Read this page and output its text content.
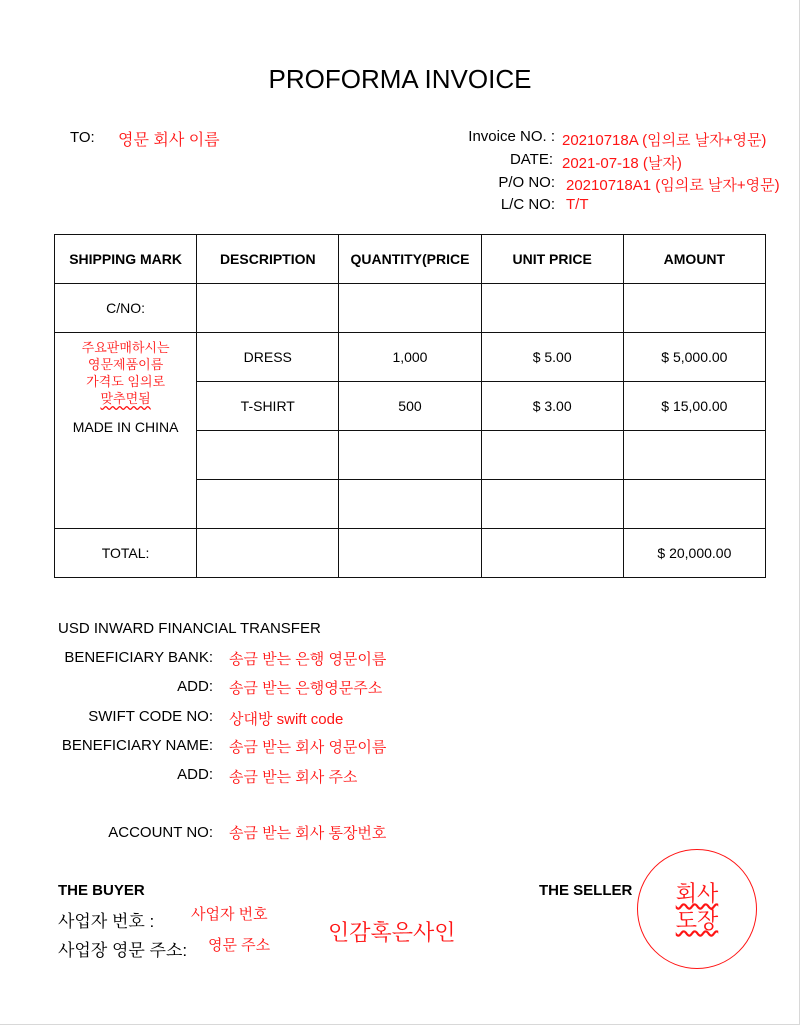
PROFORMA INVOICE
TO: 영문 회사 이름	Invoice NO. : 20210718A (임의로 날자+영문)
DATE: 2021-07-18 (날자)
P/O NO: 20210718A1 (임의로 날자+영문)
L/C NO: T/T
SHIPPING MARK	DESCRIPTION	QUANTITY(PRICE	UNIT PRICE	AMOUNT
C/NO:				

주요판매하시는
영문제품이름
가격도 임의로
맞추면됨
MADE IN CHINA	DRESS	1,000	$ 5.00	$ 5,000.00
	T-SHIRT	500	$ 3.00	$ 15,00.00

TOTAL:				$ 20,000.00
USD INWARD FINANCIAL TRANSFER
BENEFICIARY BANK: 송금 받는 은행 영문이름
ADD: 송금 받는 은행영문주소
SWIFT CODE NO: 상대방 swift code
BENEFICIARY NAME: 송금 받는 회사 영문이름
ADD: 송금 받는 회사 주소
ACCOUNT NO: 송금 받는 회사 통장번호
THE BUYER
사업자 번호 : 사업자 번호
사업장 영문 주소: 영문 주소
인감혹은사인
THE SELLER	회사
도장
